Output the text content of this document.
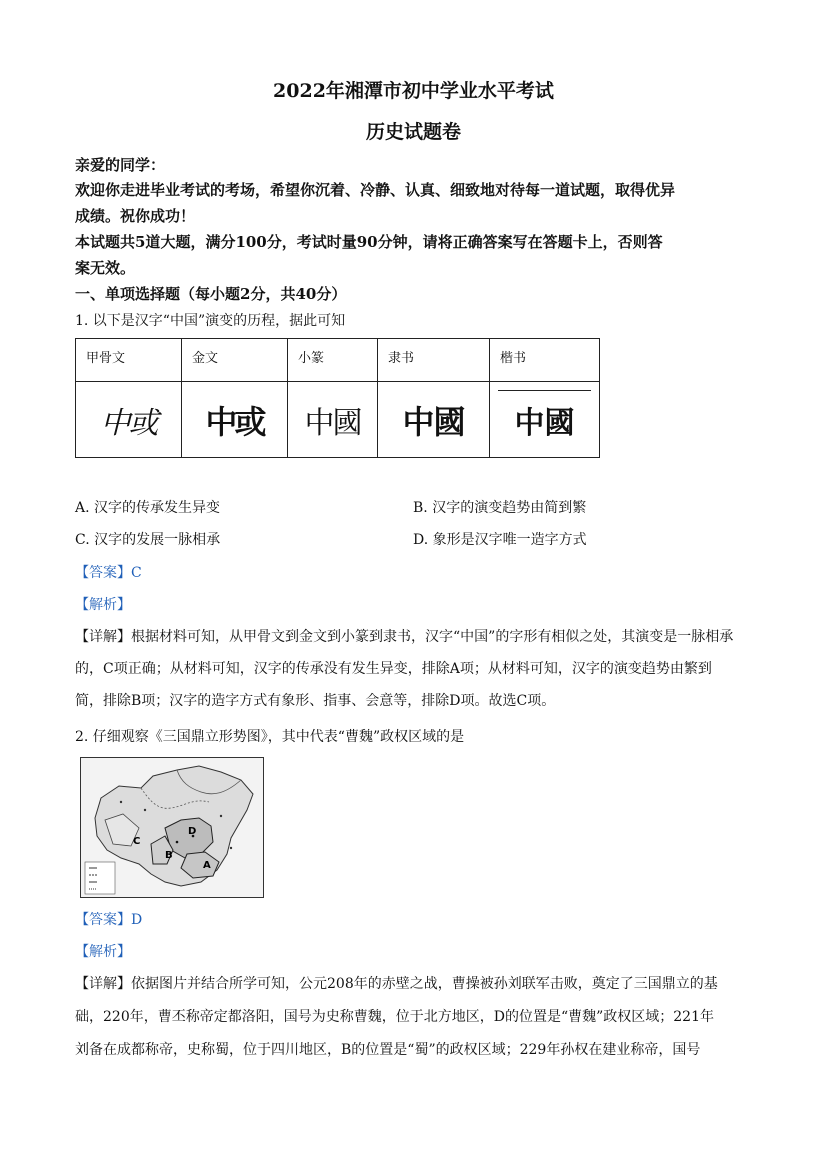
2022年湘潭市初中学业水平考试
历史试题卷
亲爱的同学：
欢迎你走进毕业考试的考场，希望你沉着、冷静、认真、细致地对待每一道试题，取得优异
成绩。祝你成功！
本试题共5道大题，满分100分，考试时量90分钟，请将正确答案写在答题卡上，否则答
案无效。
一、单项选择题（每小题2分，共40分）
1. 以下是汉字“中国”演变的历程，据此可知
甲骨文	金文	小篆	隶书	楷书
中或	中或	中國	中國	中國
A. 汉字的传承发生异变	B. 汉字的演变趋势由简到繁
C. 汉字的发展一脉相承	D. 象形是汉字唯一造字方式
【答案】C
【解析】
【详解】根据材料可知，从甲骨文到金文到小篆到隶书，汉字“中国”的字形有相似之处，其演变是一脉相承
的，C项正确；从材料可知，汉字的传承没有发生异变，排除A项；从材料可知，汉字的演变趋势由繁到
简，排除B项；汉字的造字方式有象形、指事、会意等，排除D项。故选C项。
2. 仔细观察《三国鼎立形势图》，其中代表“曹魏”政权区域的是
D
C
B
A
【答案】D
【解析】
【详解】依据图片并结合所学可知，公元208年的赤壁之战，曹操被孙刘联军击败，奠定了三国鼎立的基
础，220年，曹丕称帝定都洛阳，国号为史称曹魏，位于北方地区，D的位置是“曹魏”政权区域；221年
刘备在成都称帝，史称蜀，位于四川地区，B的位置是“蜀”的政权区域；229年孙权在建业称帝，国号
